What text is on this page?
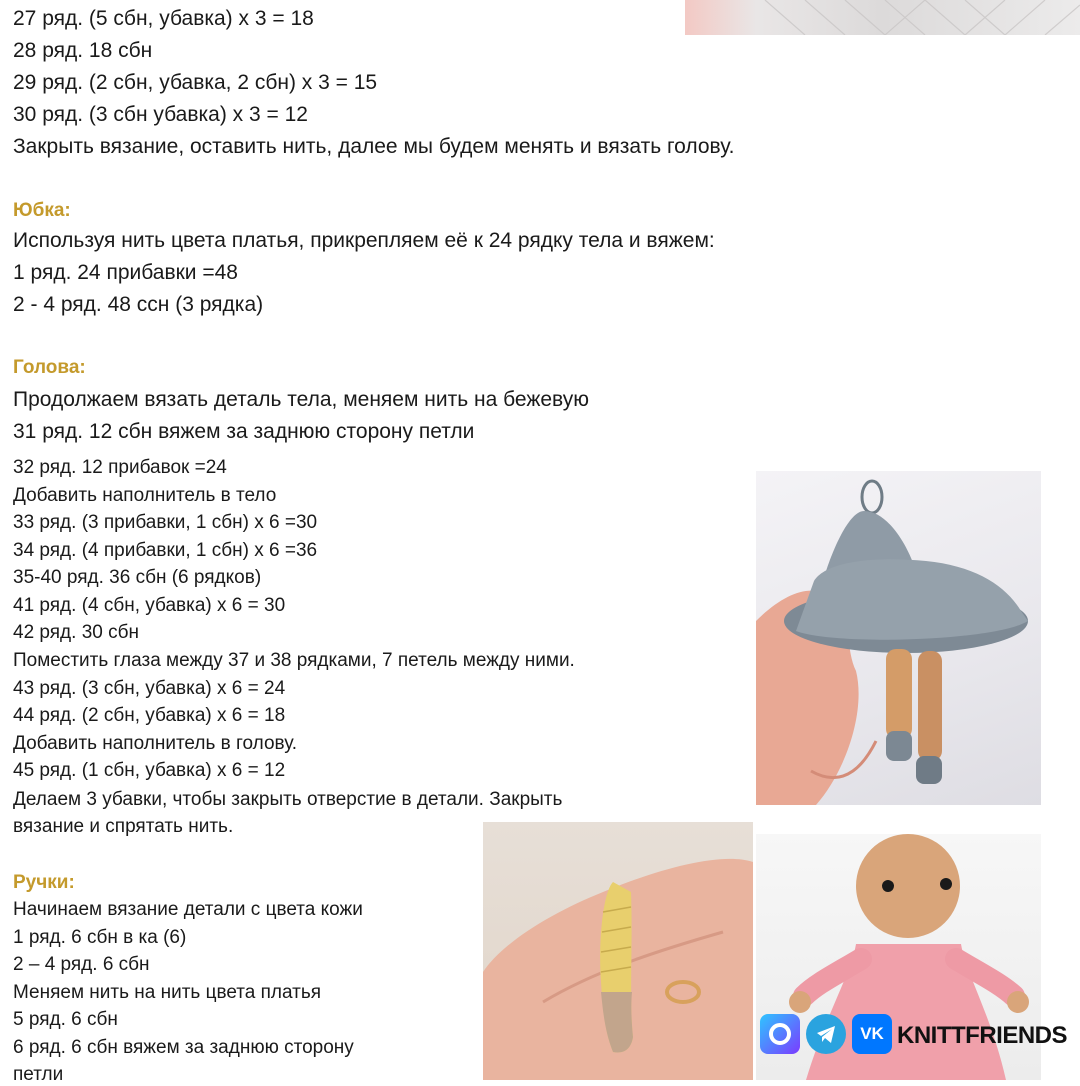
27 ряд. (5 сбн, убавка) х 3 = 18
28 ряд. 18 сбн
29 ряд. (2 сбн, убавка, 2 сбн) х 3 = 15
30 ряд. (3 сбн убавка) х 3 = 12
Закрыть вязание, оставить нить, далее мы будем менять и вязать голову.
Юбка:
Используя нить цвета платья, прикрепляем её к 24 рядку тела и вяжем:
1 ряд. 24 прибавки =48
2 - 4 ряд. 48 ссн (3 рядка)
Голова:
Продолжаем вязать деталь тела, меняем нить на бежевую
31 ряд. 12 сбн вяжем за заднюю сторону петли
32 ряд. 12 прибавок =24
Добавить наполнитель в тело
33 ряд. (3 прибавки, 1 сбн) х 6 =30
34 ряд. (4 прибавки, 1 сбн) х 6 =36
35-40 ряд. 36 сбн (6 рядков)
41 ряд. (4 сбн, убавка) х 6 = 30
42 ряд. 30 сбн
Поместить глаза между 37 и 38 рядками, 7 петель между ними.
43 ряд. (3 сбн, убавка) х 6 = 24
44 ряд. (2 сбн, убавка) х 6 = 18
Добавить наполнитель в голову.
45 ряд. (1 сбн, убавка) х 6 = 12
Делаем 3 убавки, чтобы закрыть отверстие в детали. Закрыть
вязание и спрятать нить.
Ручки:
Начинаем вязание детали с цвета кожи
1 ряд. 6 сбн в ка (6)
2 – 4 ряд. 6 сбн
Меняем нить на нить цвета платья
5 ряд. 6 сбн
6 ряд. 6 сбн вяжем за заднюю сторону
петли
VK KNITTFRIENDS
